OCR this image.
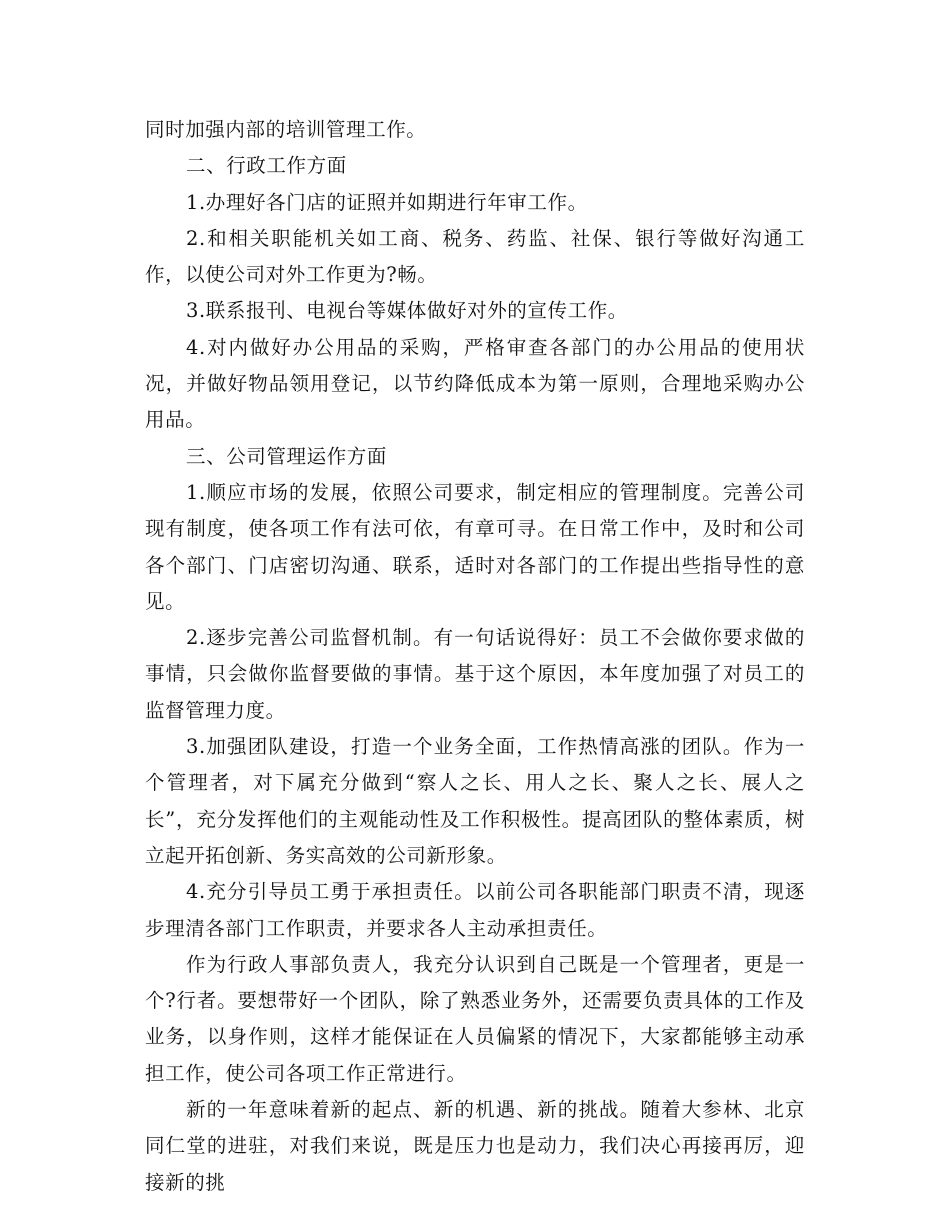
同时加强内部的培训管理工作。

二、行政工作方面

1.办理好各门店的证照并如期进行年审工作。

2.和相关职能机关如工商、税务、药监、社保、银行等做好沟通工作，以使公司对外工作更为?畅。

3.联系报刊、电视台等媒体做好对外的宣传工作。

4.对内做好办公用品的采购，严格审查各部门的办公用品的使用状况，并做好物品领用登记，以节约降低成本为第一原则，合理地采购办公用品。

三、公司管理运作方面

1.顺应市场的发展，依照公司要求，制定相应的管理制度。完善公司现有制度，使各项工作有法可依，有章可寻。在日常工作中，及时和公司各个部门、门店密切沟通、联系，适时对各部门的工作提出些指导性的意见。

2.逐步完善公司监督机制。有一句话说得好：员工不会做你要求做的事情，只会做你监督要做的事情。基于这个原因，本年度加强了对员工的监督管理力度。

3.加强团队建设，打造一个业务全面，工作热情高涨的团队。作为一个管理者，对下属充分做到“察人之长、用人之长、聚人之长、展人之长”，充分发挥他们的主观能动性及工作积极性。提高团队的整体素质，树立起开拓创新、务实高效的公司新形象。

4.充分引导员工勇于承担责任。以前公司各职能部门职责不清，现逐步理清各部门工作职责，并要求各人主动承担责任。

作为行政人事部负责人，我充分认识到自己既是一个管理者，更是一个?行者。要想带好一个团队，除了熟悉业务外，还需要负责具体的工作及业务，以身作则，这样才能保证在人员偏紧的情况下，大家都能够主动承担工作，使公司各项工作正常进行。

新的一年意味着新的起点、新的机遇、新的挑战。随着大参林、北京同仁堂的进驻，对我们来说，既是压力也是动力，我们决心再接再厉，迎接新的挑
